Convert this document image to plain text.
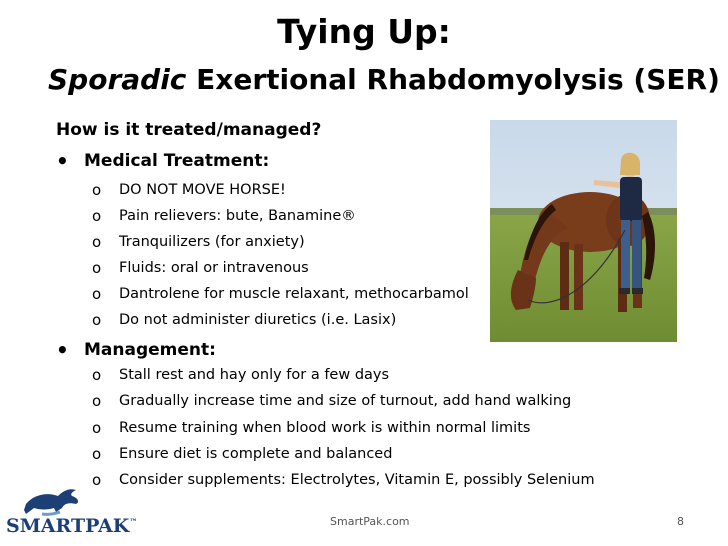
Tying Up:
Sporadic Exertional Rhabdomyolysis (SER)
How is it treated/managed?
• Medical Treatment:
o DO NOT MOVE HORSE!
o Pain relievers: bute, Banamine®
o Tranquilizers (for anxiety)
o Fluids: oral or intravenous
o Dantrolene for muscle relaxant, methocarbamol
o Do not administer diuretics (i.e. Lasix)
• Management:
o Stall rest and hay only for a few days
o Gradually increase time and size of turnout, add hand walking
o Resume training when blood work is within normal limits
o Ensure diet is complete and balanced
o Consider supplements: Electrolytes, Vitamin E, possibly Selenium
SMARTPAK™	SmartPak.com	8
